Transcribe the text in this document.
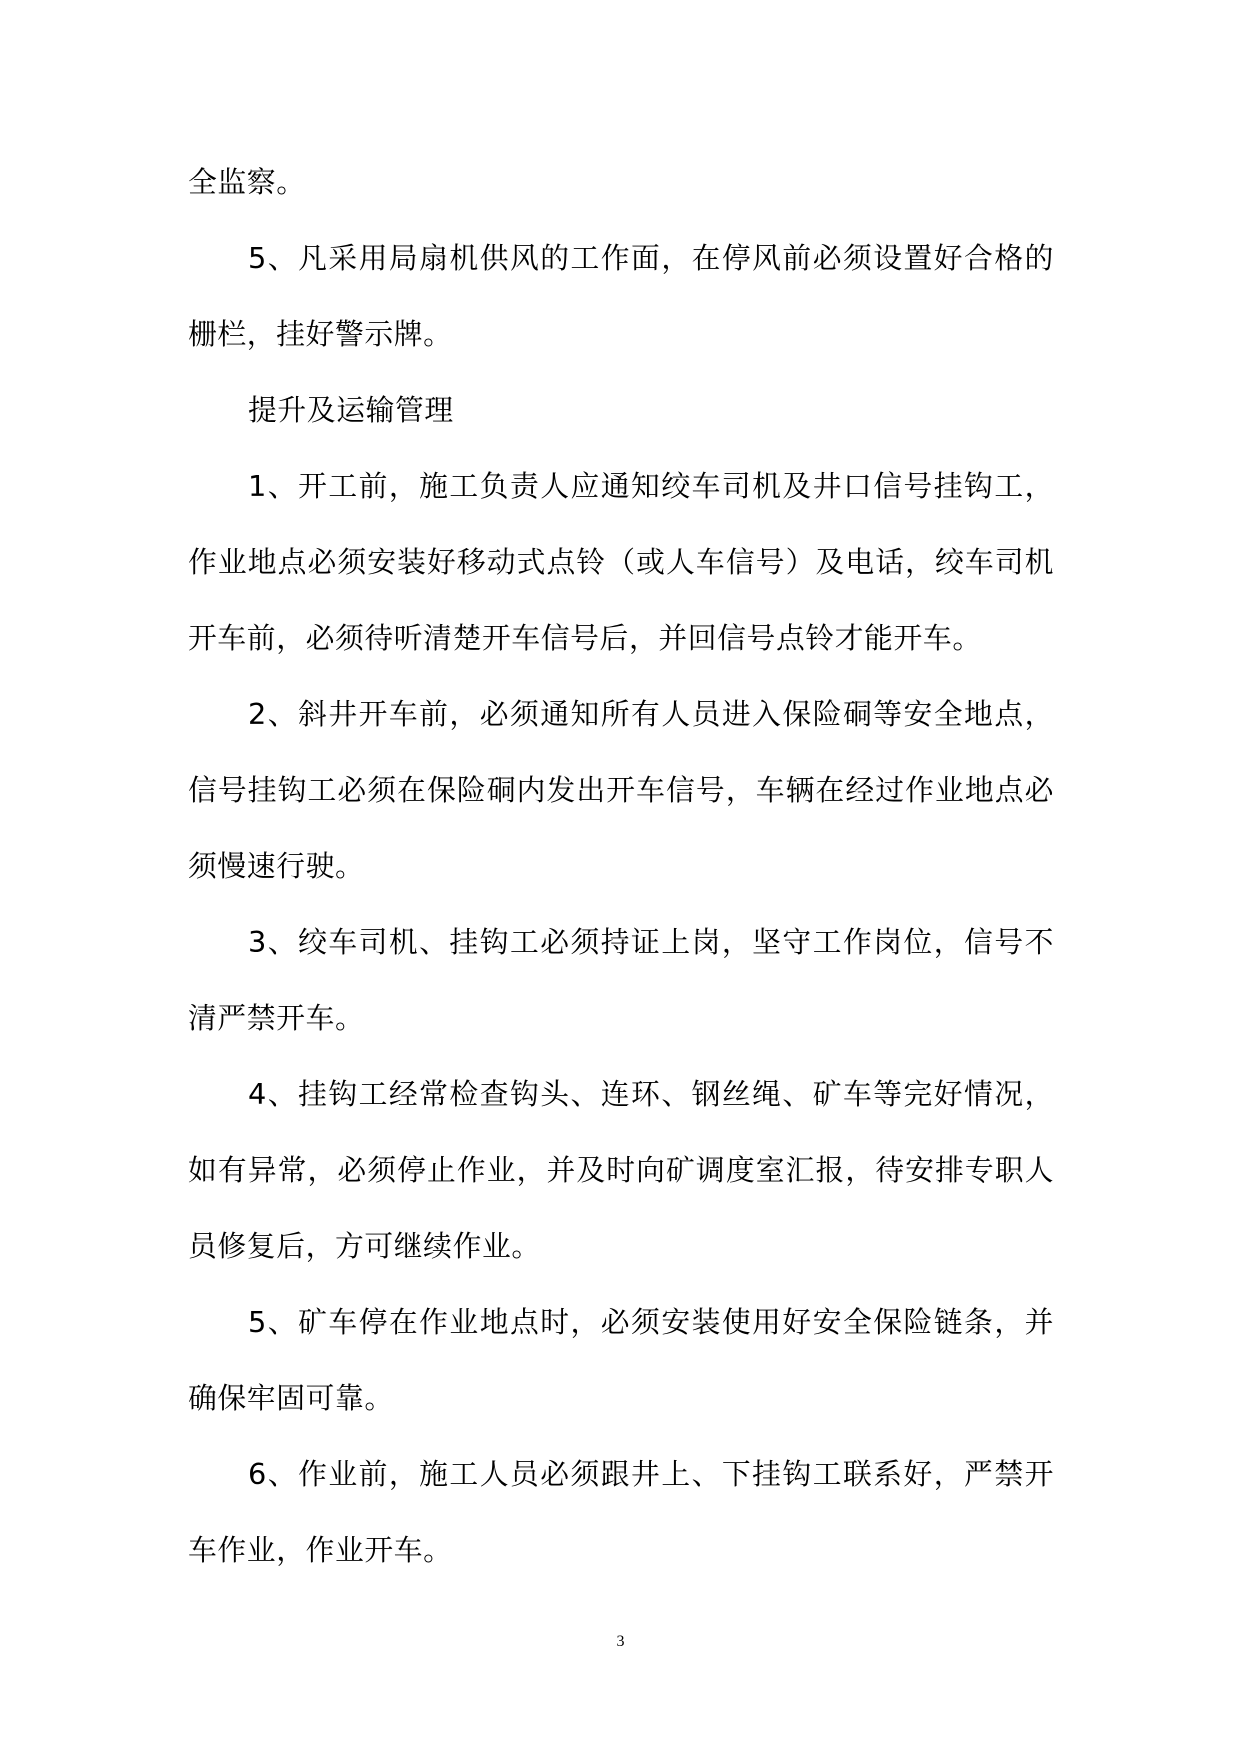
全监察。

5、凡采用局扇机供风的工作面，在停风前必须设置好合格的栅栏，挂好警示牌。

提升及运输管理

1、开工前，施工负责人应通知绞车司机及井口信号挂钩工，作业地点必须安装好移动式点铃（或人车信号）及电话，绞车司机开车前，必须待听清楚开车信号后，并回信号点铃才能开车。

2、斜井开车前，必须通知所有人员进入保险硐等安全地点，信号挂钩工必须在保险硐内发出开车信号，车辆在经过作业地点必须慢速行驶。

3、绞车司机、挂钩工必须持证上岗，坚守工作岗位，信号不清严禁开车。

4、挂钩工经常检查钩头、连环、钢丝绳、矿车等完好情况，如有异常，必须停止作业，并及时向矿调度室汇报，待安排专职人员修复后，方可继续作业。

5、矿车停在作业地点时，必须安装使用好安全保险链条，并确保牢固可靠。

6、作业前，施工人员必须跟井上、下挂钩工联系好，严禁开车作业，作业开车。

3
